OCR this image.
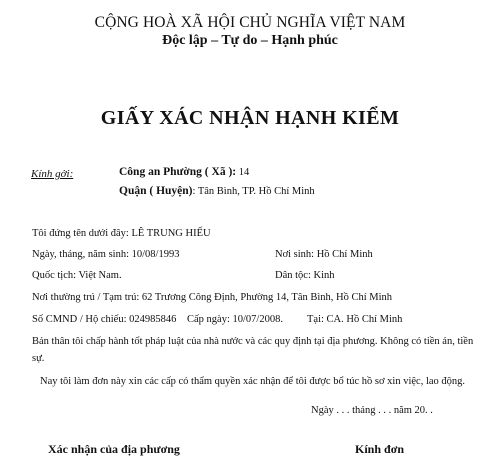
CỘNG HOÀ XÃ HỘI CHỦ NGHĨA VIỆT NAM
Độc lập – Tự do – Hạnh phúc
GIẤY XÁC NHẬN HẠNH KIỂM
Kính gởi:	Công an Phường ( Xã ): 14
Quận ( Huyện): Tân Bình, TP. Hồ Chí Minh
Tôi đứng tên dưới đây: LÊ TRUNG HIẾU
Ngày, tháng, năm sinh: 10/08/1993	Nơi sinh: Hồ Chí Minh
Quốc tịch: Việt Nam.	Dân tộc: Kinh
Nơi thường trú / Tạm trú: 62 Trương Công Định, Phường 14, Tân Bình, Hồ Chí Minh
Số CMND / Hộ chiếu: 024985846 Cấp ngày: 10/07/2008. Tại: CA. Hồ Chí Minh
Bản thân tôi chấp hành tốt pháp luật của nhà nước và các quy định tại địa phương. Không có tiền án, tiền
sự.
Nay tôi làm đơn này xin các cấp có thẩm quyền xác nhận để tôi được bổ túc hồ sơ xin việc, lao động.
Ngày . . . tháng . . . năm 20. .
Xác nhận của địa phương	Kính đơn
